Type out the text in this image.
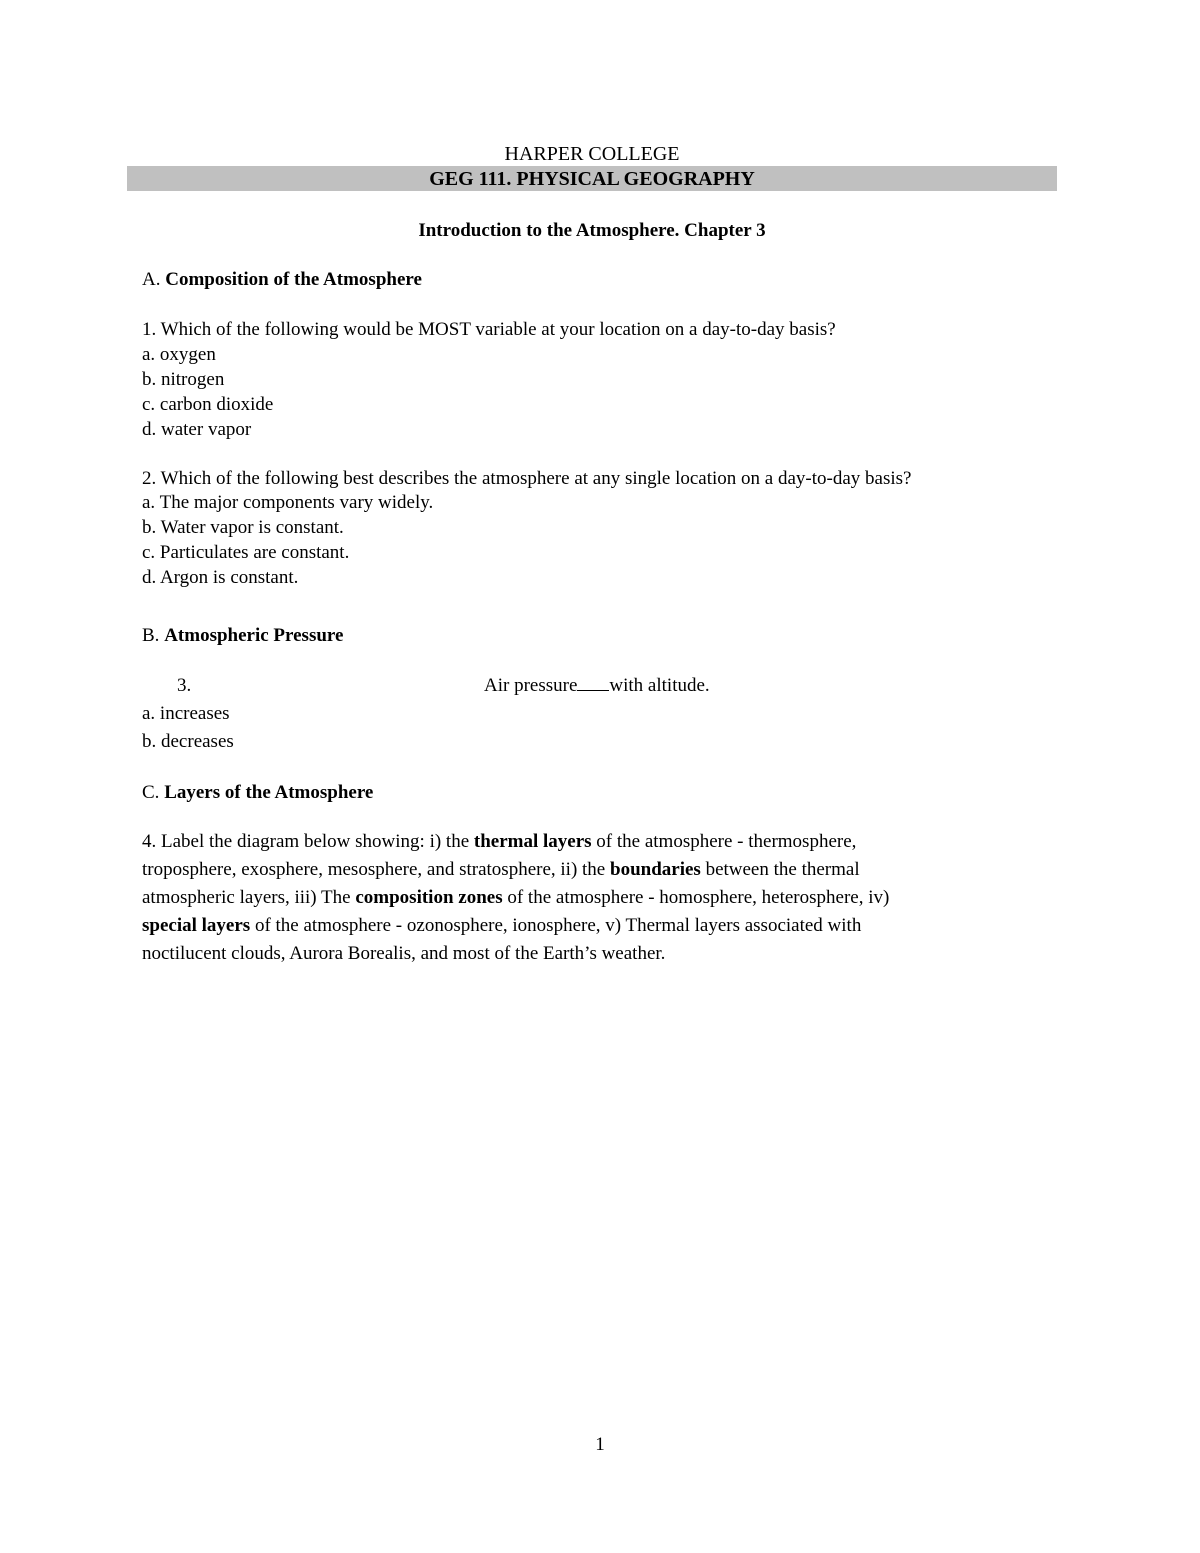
HARPER COLLEGE
GEG 111. PHYSICAL GEOGRAPHY
Introduction to the Atmosphere. Chapter 3
A. Composition of the Atmosphere
1. Which of the following would be MOST variable at your location on a day-to-day basis?
a. oxygen
b. nitrogen
c. carbon dioxide
d. water vapor
2. Which of the following best describes the atmosphere at any single location on a day-to-day basis?
a. The major components vary widely.
b. Water vapor is constant.
c. Particulates are constant.
d. Argon is constant.
B. Atmospheric Pressure
3.	Air pressure with altitude.
a. increases
b. decreases
C. Layers of the Atmosphere
4. Label the diagram below showing: i) the thermal layers of the atmosphere - thermosphere,
troposphere, exosphere, mesosphere, and stratosphere, ii) the boundaries between the thermal
atmospheric layers, iii) The composition zones of the atmosphere - homosphere, heterosphere, iv)
special layers of the atmosphere - ozonosphere, ionosphere, v) Thermal layers associated with
noctilucent clouds, Aurora Borealis, and most of the Earth’s weather.
1
